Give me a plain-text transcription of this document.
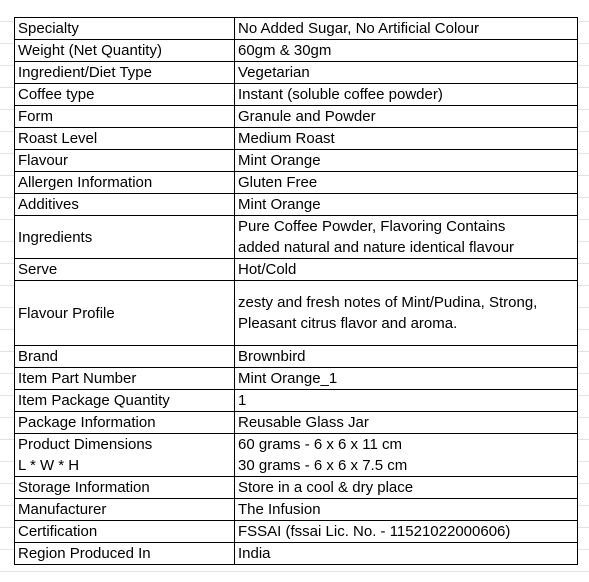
Specialty	No Added Sugar, No Artificial Colour
Weight (Net Quantity)	60gm & 30gm
Ingredient/Diet Type	Vegetarian
Coffee type	Instant (soluble coffee powder)
Form	Granule and Powder
Roast Level	Medium Roast
Flavour	Mint Orange
Allergen Information	Gluten Free
Additives	Mint Orange
Ingredients	Pure Coffee Powder, Flavoring Contains
added natural and nature identical flavour

Serve	Hot/Cold
Flavour Profile	zesty and fresh notes of Mint/Pudina, Strong,
Pleasant citrus flavor and aroma.

Brand	Brownbird
Item Part Number	Mint Orange_1
Item Package Quantity	1
Package Information	Reusable Glass Jar

Product Dimensions
L * W * H	60 grams - 6 x 6 x 11 cm
30 grams - 6 x 6 x 7.5 cm

Storage Information	Store in a cool & dry place
Manufacturer	The Infusion
Certification	FSSAI (fssai Lic. No. - 11521022000606)
Region Produced In	India
